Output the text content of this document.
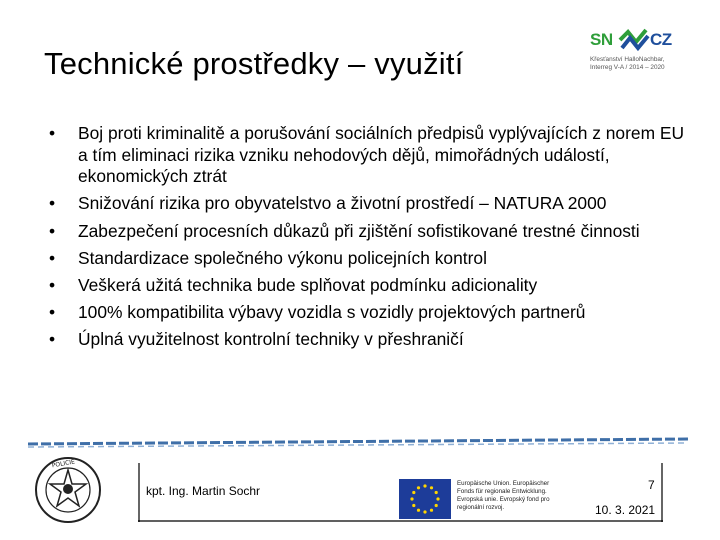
Technické prostředky – využití
SN CZ
Křesťanství HalloNachbar,
Interreg V-A / 2014 – 2020
• Boj proti kriminalitě a porušování sociálních předpisů vyplývajících z norem EU a tím eliminaci rizika vzniku nehodových dějů, mimořádných událostí, ekonomických ztrát
• Snižování rizika pro obyvatelstvo a životní prostředí – NATURA 2000
• Zabezpečení procesních důkazů při zjištění sofistikované trestné činnosti
• Standardizace společného výkonu policejních kontrol
• Veškerá užitá technika bude splňovat podmínku adicionality
• 100% kompatibilita výbavy vozidla s vozidly projektových partnerů
• Úplná využitelnost kontrolní techniky v přeshraničí
POLICIE
kpt. Ing. Martin Sochr
Europäische Union. Europäischer
Fonds für regionale Entwicklung.
Evropská unie. Evropský fond pro
regionální rozvoj.
7
10. 3. 2021
